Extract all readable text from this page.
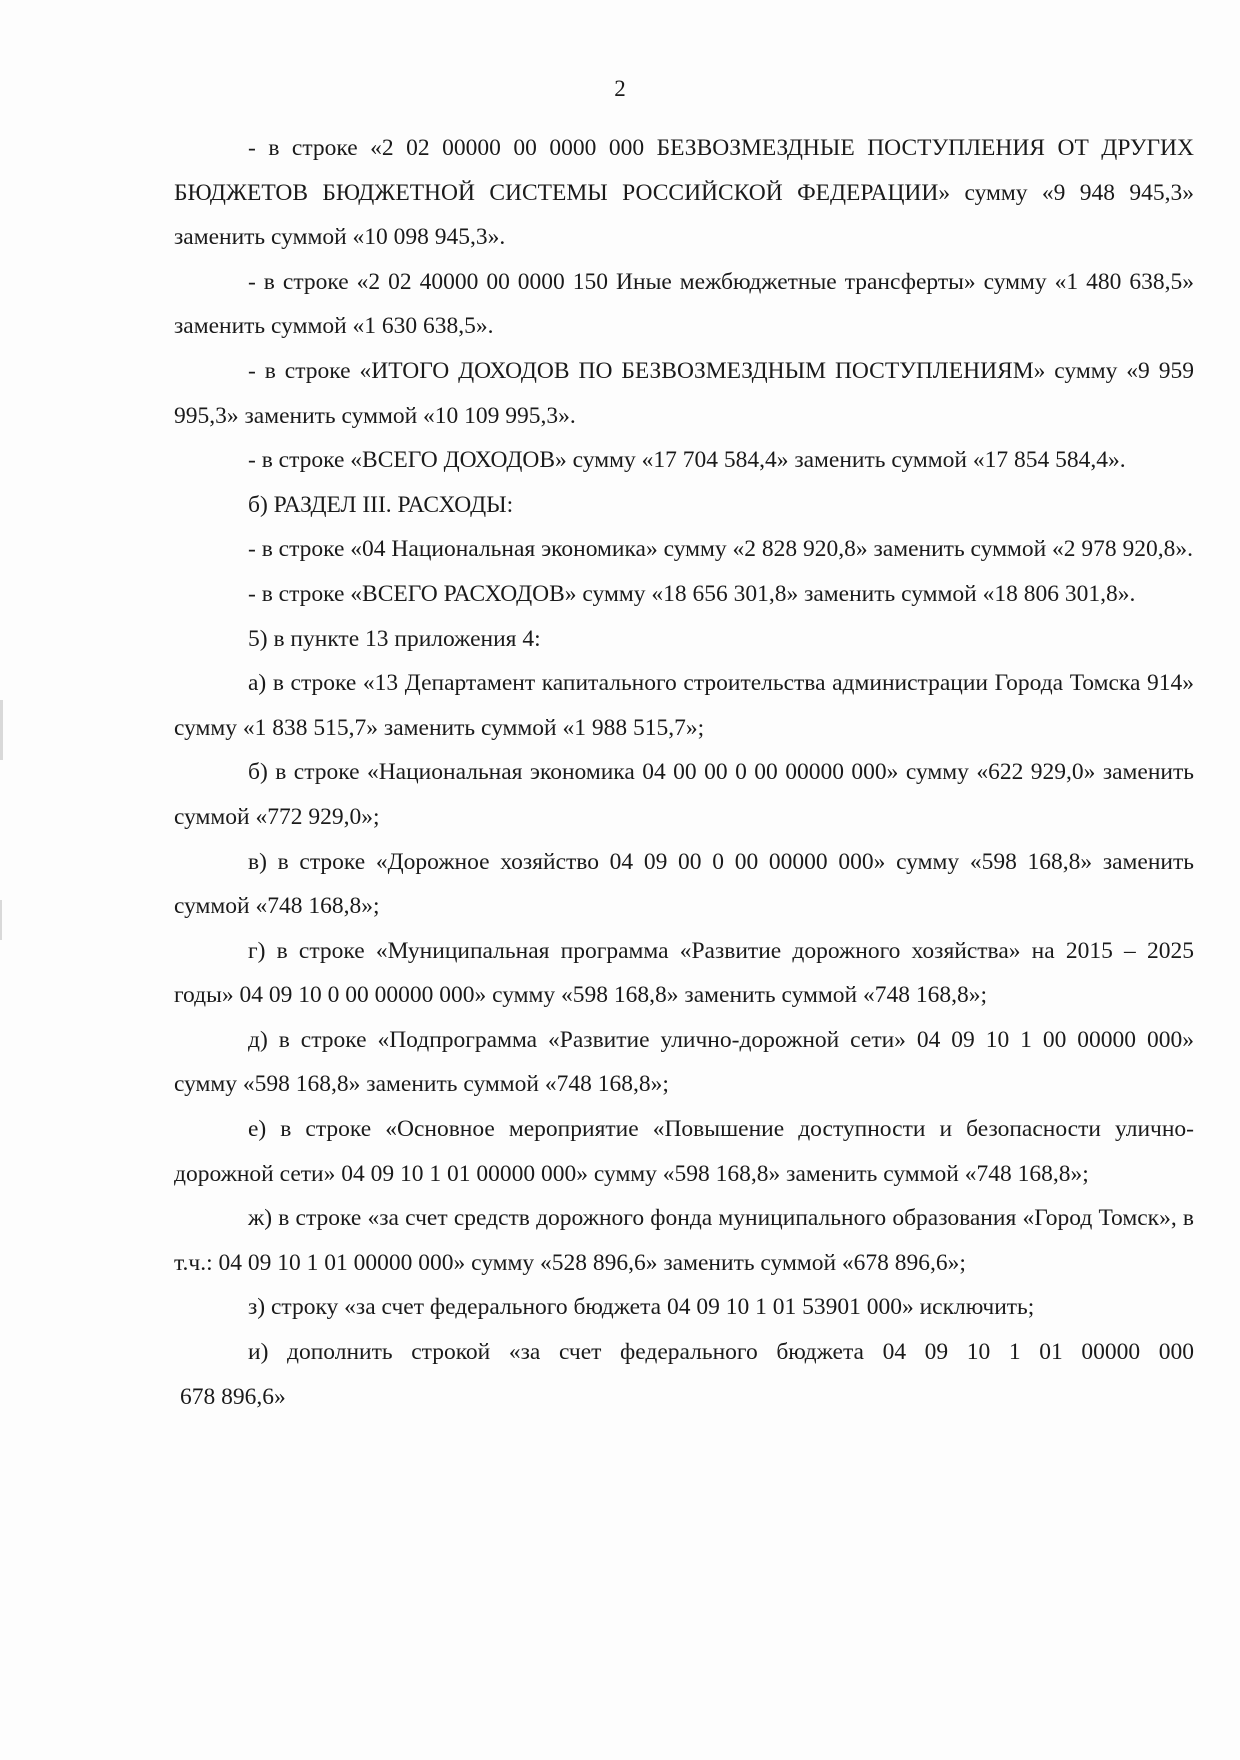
2

- в строке «2 02 00000 00 0000 000 БЕЗВОЗМЕЗДНЫЕ ПОСТУПЛЕНИЯ ОТ ДРУГИХ БЮДЖЕТОВ БЮДЖЕТНОЙ СИСТЕМЫ РОССИЙСКОЙ ФЕДЕРАЦИИ» сумму «9 948 945,3» заменить суммой «10 098 945,3».

- в строке «2 02 40000 00 0000 150 Иные межбюджетные трансферты» сумму «1 480 638,5» заменить суммой «1 630 638,5».

- в строке «ИТОГО ДОХОДОВ ПО БЕЗВОЗМЕЗДНЫМ ПОСТУПЛЕНИЯМ» сумму «9 959 995,3» заменить суммой «10 109 995,3».

- в строке «ВСЕГО ДОХОДОВ» сумму «17 704 584,4» заменить суммой «17 854 584,4».

б) РАЗДЕЛ III. РАСХОДЫ:

- в строке «04 Национальная экономика» сумму «2 828 920,8» заменить суммой «2 978 920,8».

- в строке «ВСЕГО РАСХОДОВ» сумму «18 656 301,8» заменить суммой «18 806 301,8».

5) в пункте 13 приложения 4:

а) в строке «13 Департамент капитального строительства администрации Города Томска 914» сумму «1 838 515,7» заменить суммой «1 988 515,7»;

б) в строке «Национальная экономика 04 00 00 0 00 00000 000» сумму «622 929,0» заменить суммой «772 929,0»;

в) в строке «Дорожное хозяйство 04 09 00 0 00 00000 000» сумму «598 168,8» заменить суммой «748 168,8»;

г) в строке «Муниципальная программа «Развитие дорожного хозяйства» на 2015 – 2025 годы» 04 09 10 0 00 00000 000» сумму «598 168,8» заменить суммой «748 168,8»;

д) в строке «Подпрограмма «Развитие улично-дорожной сети» 04 09 10 1 00 00000 000» сумму «598 168,8» заменить суммой «748 168,8»;

е) в строке «Основное мероприятие «Повышение доступности и безопасности улично-дорожной сети» 04 09 10 1 01 00000 000» сумму «598 168,8» заменить суммой «748 168,8»;

ж) в строке «за счет средств дорожного фонда муниципального образования «Город Томск», в т.ч.: 04 09 10 1 01 00000 000» сумму «528 896,6» заменить суммой «678 896,6»;

з) строку «за счет федерального бюджета 04 09 10 1 01 53901 000» исключить;

и) дополнить строкой «за счет федерального бюджета 04 09 10 1 01 00000 000

678 896,6»
